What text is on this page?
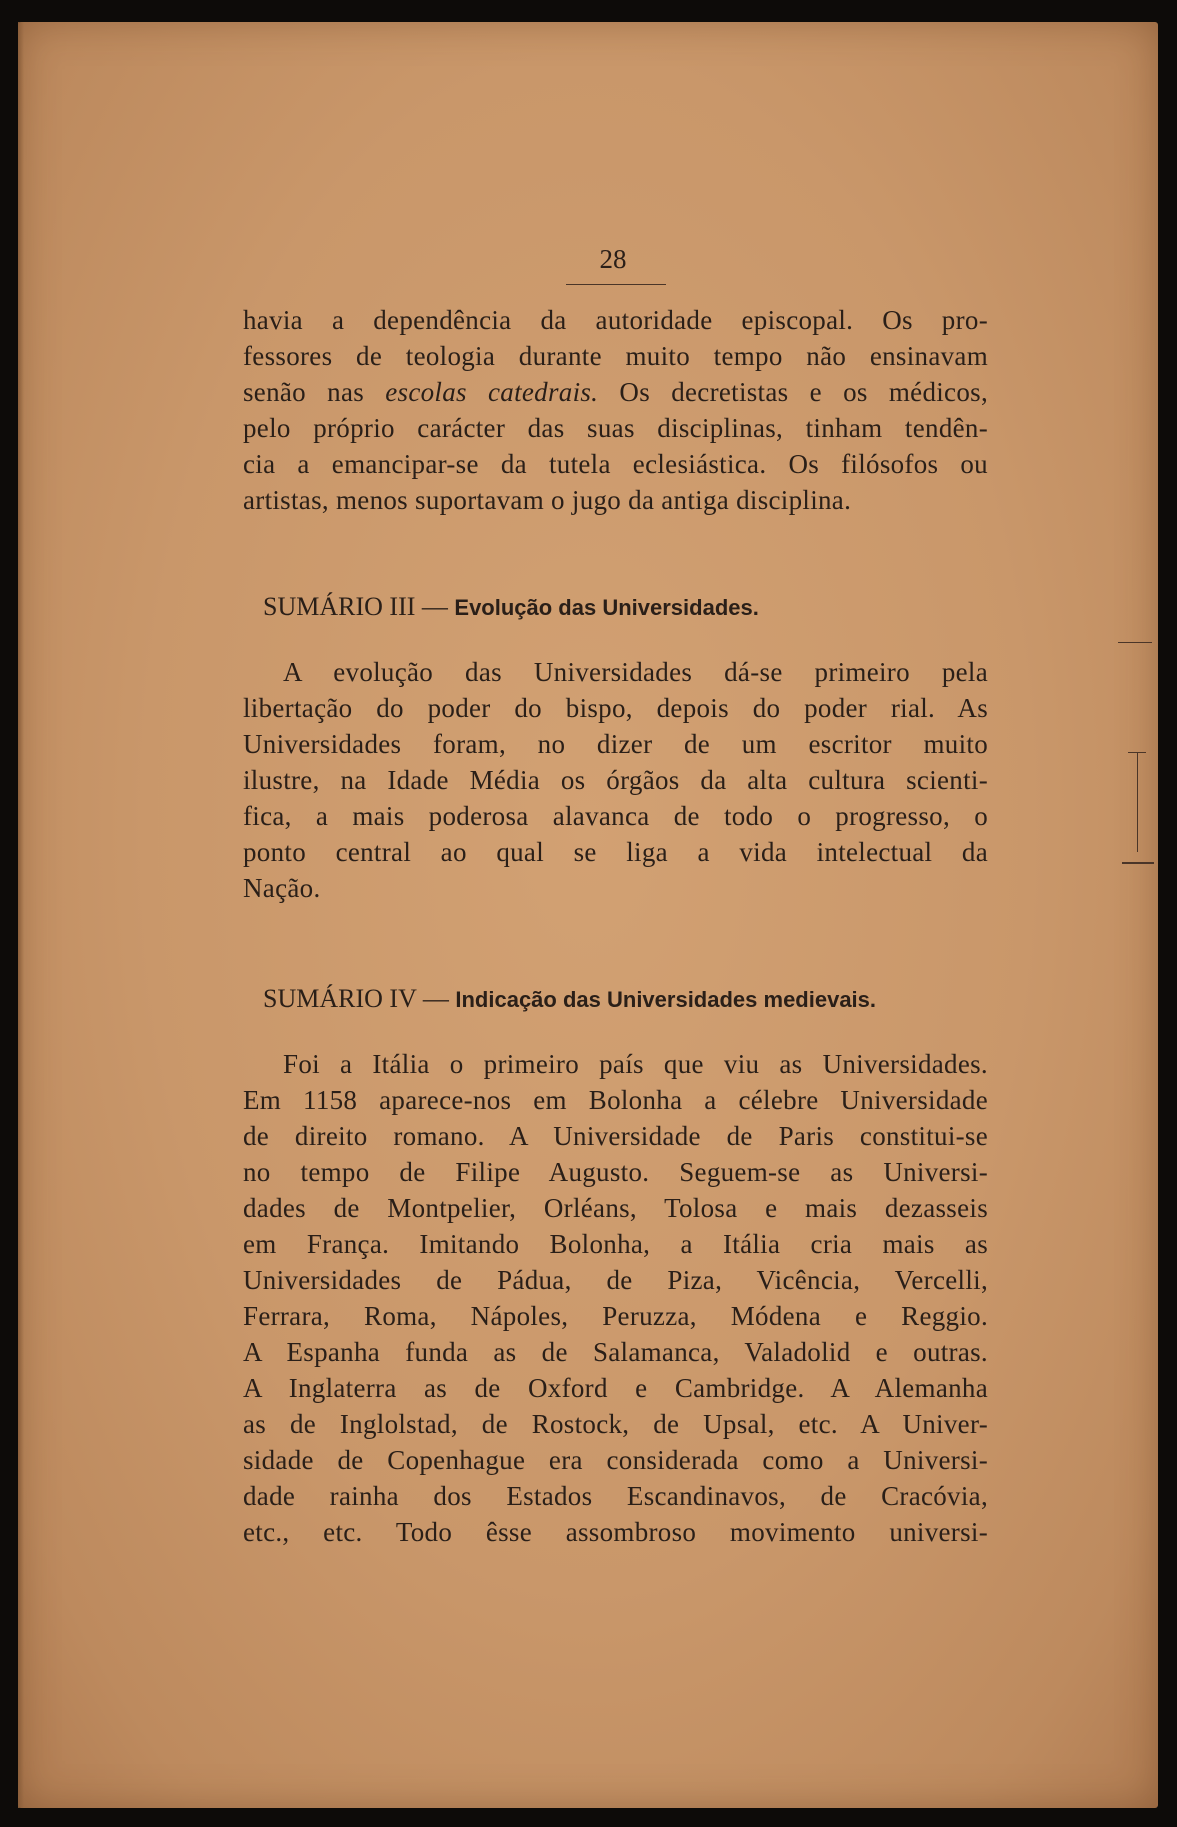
28
havia a dependência da autoridade episcopal. Os pro-
fessores de teologia durante muito tempo não ensinavam
senão nas escolas catedrais. Os decretistas e os médicos,
pelo próprio carácter das suas disciplinas, tinham tendên-
cia a emancipar-se da tutela eclesiástica. Os filósofos ou
artistas, menos suportavam o jugo da antiga disciplina.
SUMÁRIO III — Evolução das Universidades.
A evolução das Universidades dá-se primeiro pela
libertação do poder do bispo, depois do poder rial. As
Universidades foram, no dizer de um escritor muito
ilustre, na Idade Média os órgãos da alta cultura scienti-
fica, a mais poderosa alavanca de todo o progresso, o
ponto central ao qual se liga a vida intelectual da
Nação.
SUMÁRIO IV — Indicação das Universidades medievais.
Foi a Itália o primeiro país que viu as Universidades.
Em 1158 aparece-nos em Bolonha a célebre Universidade
de direito romano. A Universidade de Paris constitui-se
no tempo de Filipe Augusto. Seguem-se as Universi-
dades de Montpelier, Orléans, Tolosa e mais dezasseis
em França. Imitando Bolonha, a Itália cria mais as
Universidades de Pádua, de Piza, Vicência, Vercelli,
Ferrara, Roma, Nápoles, Peruzza, Módena e Reggio.
A Espanha funda as de Salamanca, Valadolid e outras.
A Inglaterra as de Oxford e Cambridge. A Alemanha
as de Inglolstad, de Rostock, de Upsal, etc. A Univer-
sidade de Copenhague era considerada como a Universi-
dade rainha dos Estados Escandinavos, de Cracóvia,
etc., etc. Todo êsse assombroso movimento universi-
